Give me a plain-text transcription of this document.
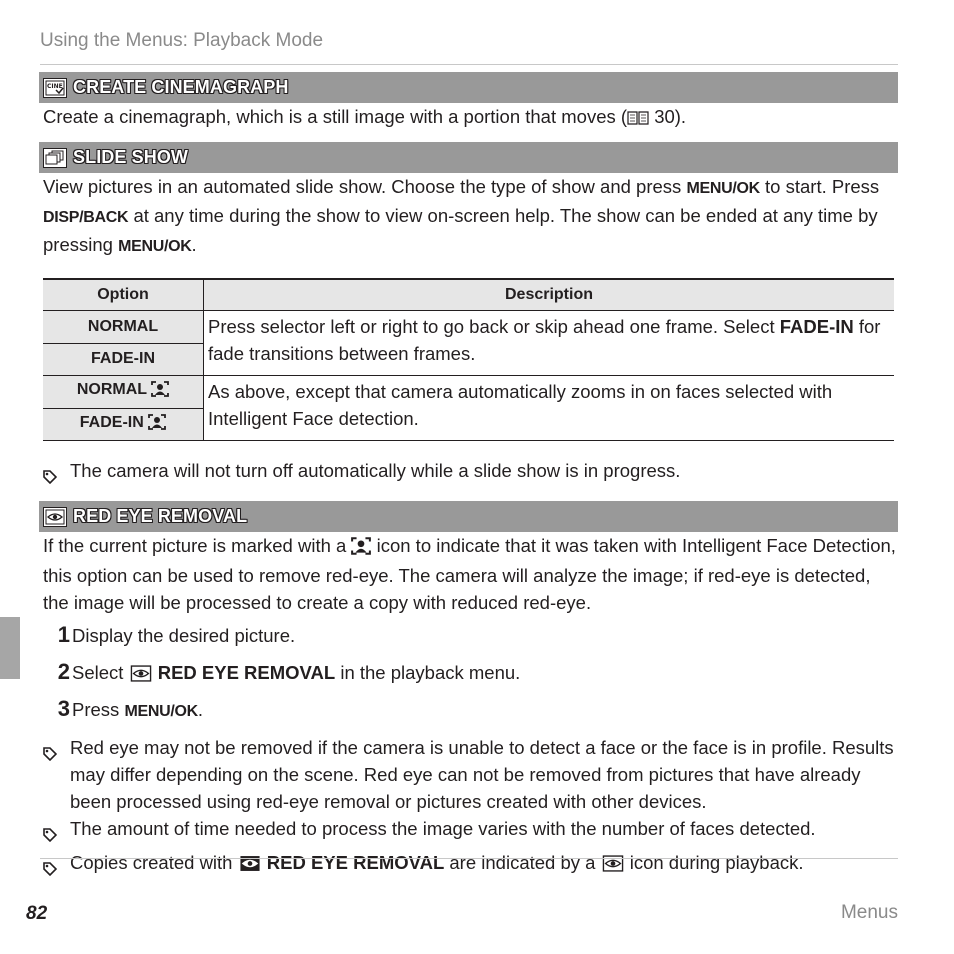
Using the Menus: Playback Mode
CINE CREATE CINEMAGRAPH

Create a cinemagraph, which is a still image with a portion that moves ( 30).

SLIDE SHOW

View pictures in an automated slide show. Choose the type of show and press MENU/OK to start. Press DISP/BACK at any time during the show to view on-screen help. The show can be ended at any time by pressing MENU/OK.

Option	Description
NORMAL	Press selector left or right to go back or skip ahead one frame. Select FADE-IN for fade transitions between frames.
FADE-IN	
NORMAL	As above, except that camera automatically zooms in on faces selected with Intelligent Face detection.
FADE-IN	
The camera will not turn off automatically while a slide show is in progress.
RED EYE REMOVAL

If the current picture is marked with a  icon to indicate that it was taken with Intelligent Face Detection, this option can be used to remove red-eye. The camera will analyze the image; if red-eye is detected, the image will be processed to create a copy with reduced red-eye.

1 Display the desired picture.
2 Select  RED EYE REMOVAL in the playback menu.
3 Press MENU/OK.
Red eye may not be removed if the camera is unable to detect a face or the face is in profile. Results may differ depending on the scene. Red eye can not be removed from pictures that have already been processed using red-eye removal or pictures created with other devices.
The amount of time needed to process the image varies with the number of faces detected.
Copies created with  RED EYE REMOVAL are indicated by a  icon during playback.
82	Menus
